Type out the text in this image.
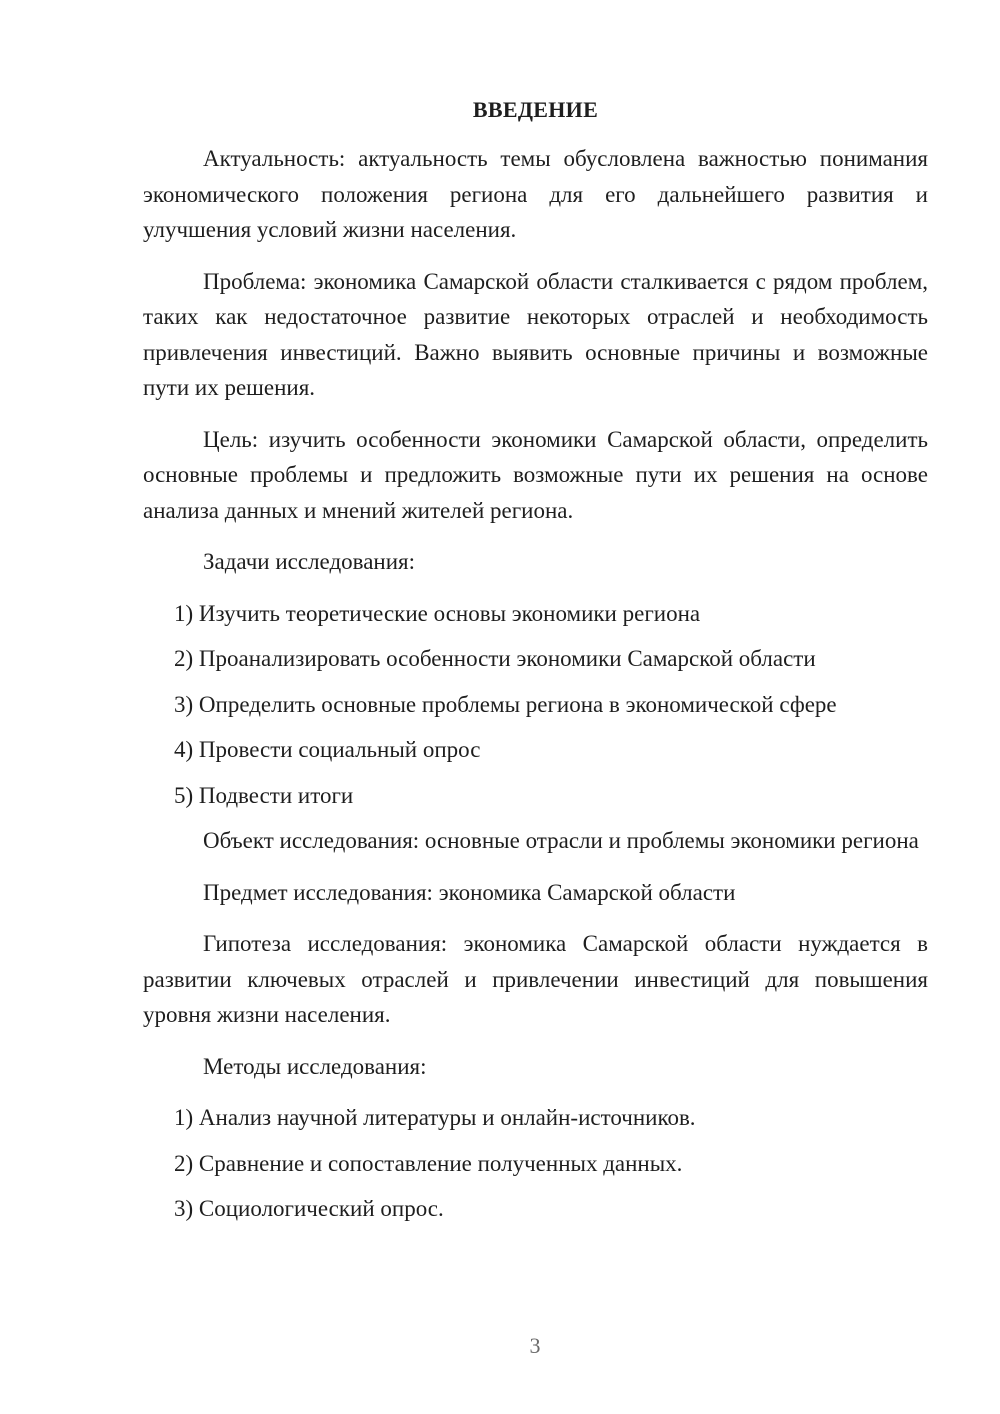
ВВЕДЕНИЕ

Актуальность: актуальность темы обусловлена важностью понимания экономического положения региона для его дальнейшего развития и улучшения условий жизни населения.

Проблема: экономика Самарской области сталкивается с рядом проблем, таких как недостаточное развитие некоторых отраслей и необходимость привлечения инвестиций. Важно выявить основные причины и возможные пути их решения.

Цель: изучить особенности экономики Самарской области, определить основные проблемы и предложить возможные пути их решения на основе анализа данных и мнений жителей региона.

Задачи исследования:

1) Изучить теоретические основы экономики региона
2) Проанализировать особенности экономики Самарской области
3) Определить основные проблемы региона в экономической сфере
4) Провести социальный опрос
5) Подвести итоги

Объект исследования: основные отрасли и проблемы экономики региона

Предмет исследования: экономика Самарской области

Гипотеза исследования: экономика Самарской области нуждается в развитии ключевых отраслей и привлечении инвестиций для повышения уровня жизни населения.

Методы исследования:

1) Анализ научной литературы и онлайн-источников.
2) Сравнение и сопоставление полученных данных.
3) Социологический опрос.
3
